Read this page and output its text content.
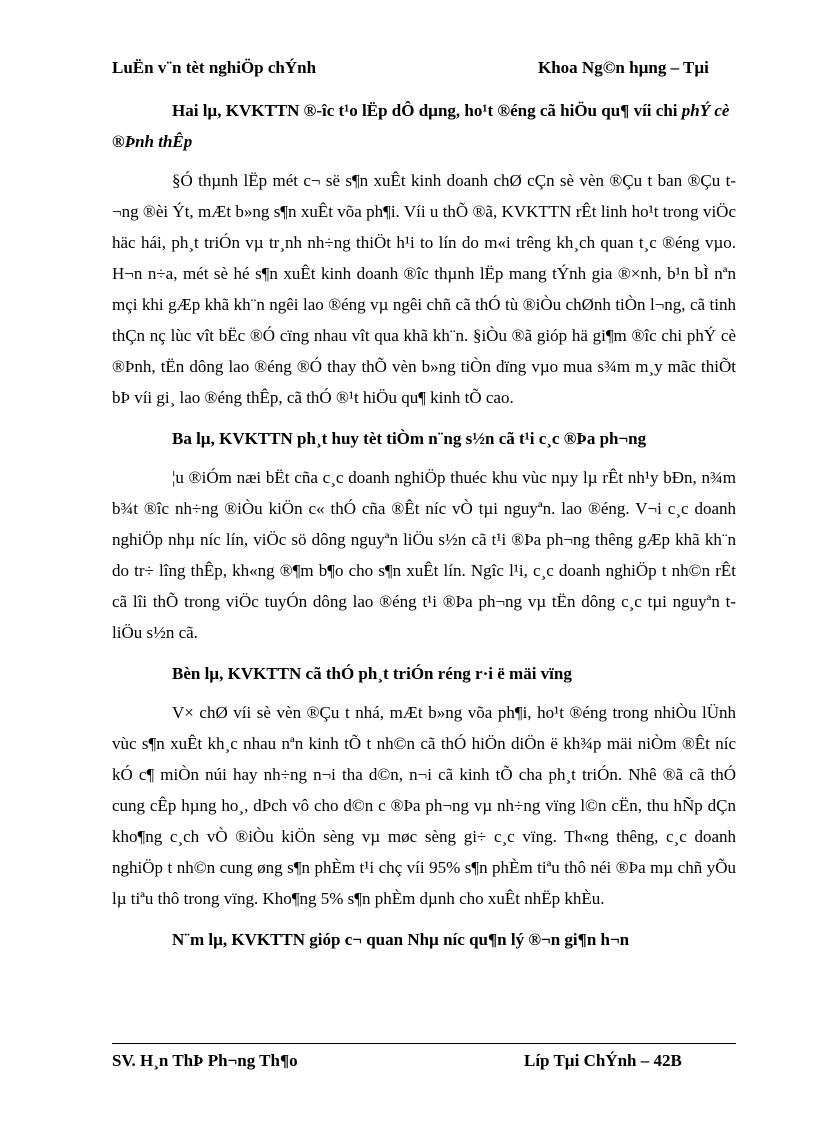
LuËn v¨n tèt nghiÖp chÝnh	Khoa Ng©n hµng – Tµi

Hai lµ, KVKTTN ®-îc t¹o lËp dÔ dµng, ho¹t ®éng cã hiÖu qu¶ víi chi phÝ cè ®Þnh thÊp

§Ó thµnh lËp mét c¬ së s¶n xuÊt kinh doanh chØ cÇn sè vèn ®Çu t ban ®Çu t¬ng ®èi Ýt, mÆt b»ng s¶n xuÊt võa ph¶i. Víi u thÕ ®ã, KVKTTN rÊt linh ho¹t trong viÖc häc hái, ph¸t triÓn vµ tr¸nh nh÷ng thiÖt h¹i to lín do m«i trêng kh¸ch quan t¸c ®éng vµo. H¬n n÷a, mét sè hé s¶n xuÊt kinh doanh ®îc thµnh lËp mang tÝnh gia ®×nh, b¹n bÌ nªn mçi khi gÆp khã kh¨n ngêi lao ®éng vµ ngêi chñ cã thÓ tù ®iÒu chØnh tiÒn l¬ng, cã tinh thÇn nç lùc vît bËc ®Ó cïng nhau vît qua khã kh¨n. §iÒu ®ã gióp hä gi¶m ®îc chi phÝ cè ®Þnh, tËn dông lao ®éng ®Ó thay thÕ vèn b»ng tiÒn dïng vµo mua s¾m m¸y mãc thiÕt bÞ víi gi¸ lao ®éng thÊp, cã thÓ ®¹t hiÖu qu¶ kinh tÕ cao.

Ba lµ, KVKTTN ph¸t huy tèt tiÒm n¨ng s½n cã t¹i c¸c ®Þa ph¬ng

¦u ®iÓm næi bËt cña c¸c doanh nghiÖp thuéc khu vùc nµy lµ rÊt nh¹y bÐn, n¾m b¾t ®îc nh÷ng ®iÒu kiÖn c« thÓ cña ®Êt níc vÒ tµi nguyªn. lao ®éng. V¬i c¸c doanh nghiÖp nhµ níc lín, viÖc sö dông nguyªn liÖu s½n cã t¹i ®Þa ph¬ng thêng gÆp khã kh¨n do tr÷ lîng thÊp, kh«ng ®¶m b¶o cho s¶n xuÊt lín. Ngîc l¹i, c¸c doanh nghiÖp t nh©n rÊt cã lîi thÕ trong viÖc tuyÓn dông lao ®éng t¹i ®Þa ph¬ng vµ tËn dông c¸c tµi nguyªn t liÖu s½n cã.

Bèn lµ, KVKTTN cã thÓ ph¸t triÓn réng r·i ë mäi vïng

V× chØ víi sè vèn ®Çu t nhá, mÆt b»ng võa ph¶i, ho¹t ®éng trong nhiÒu lÜnh vùc s¶n xuÊt kh¸c nhau nªn kinh tÕ t nh©n cã thÓ hiÖn diÖn ë kh¾p mäi niÒm ®Êt níc kÓ c¶ miÒn núi hay nh÷ng n¬i tha d©n, n¬i cã kinh tÕ cha ph¸t triÓn. Nhê ®ã cã thÓ cung cÊp hµng ho¸, dÞch vô cho d©n c ®Þa ph¬ng vµ nh÷ng vïng l©n cËn, thu hÑp dÇn kho¶ng c¸ch vÒ ®iÒu kiÖn sèng vµ møc sèng gi÷ c¸c vïng. Th«ng thêng, c¸c doanh nghiÖp t nh©n cung øng s¶n phÈm t¹i chç víi 95% s¶n phÈm tiªu thô néi ®Þa mµ chñ yÕu lµ tiªu thô trong vïng. Kho¶ng 5% s¶n phÈm dµnh cho xuÊt nhËp khÈu.

N¨m lµ, KVKTTN gióp c¬ quan Nhµ níc qu¶n lý ®¬n gi¶n h¬n

SV. H¸n ThÞ Ph¬ng Th¶o	Líp Tµi ChÝnh – 42B
